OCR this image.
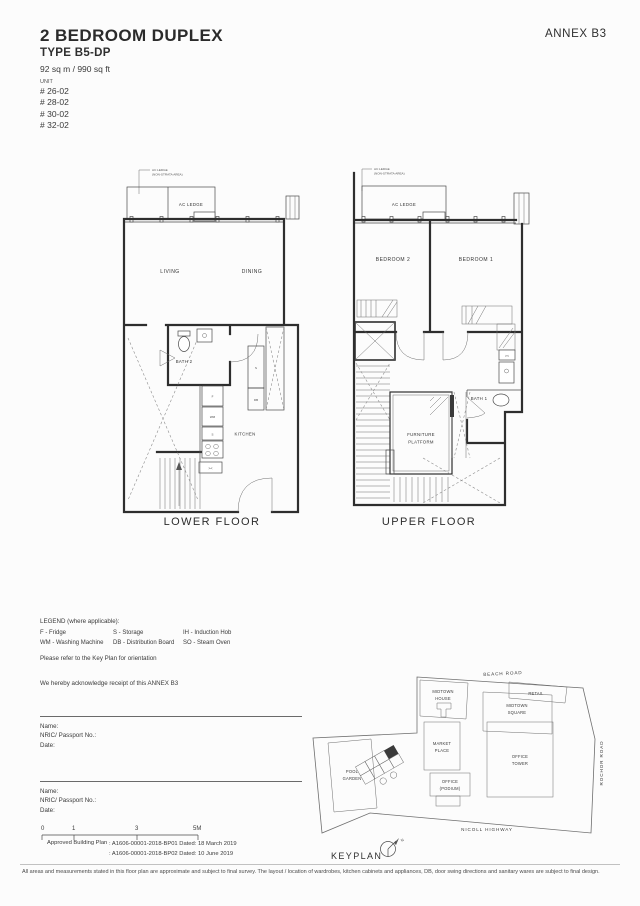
2 BEDROOM DUPLEX
TYPE B5-DP
92 sq m / 990 sq ft
UNIT
# 26-02
# 28-02
# 30-02
# 32-02
ANNEX B3
AC LEDGE
(NON-STRATA AREA)
AC LEDGE
BATH 2
F
WM
S
><
KITCHEN
S
DB
LIVING	DINING
LOWER FLOOR
AC LEDGE
(NON-STRATA AREA)
AC LEDGE
><
BATH 1
FURNITURE
PLATFORM
BEDROOM 2	BEDROOM 1
UPPER FLOOR
LEGEND (where applicable):
F - Fridge	S - Storage	IH - Induction Hob
WM - Washing Machine	DB - Distribution Board	SO - Steam Oven
Please refer to the Key Plan for orientation
We hereby acknowledge receipt of this ANNEX B3
Name:
NRIC/ Passport No.:
Date:
Name:
NRIC/ Passport No.:
Date:
0	1	3	5M
Approved Building Plan : A1606-00001-2018-BP01 Dated: 18 March 2019
: A1606-00001-2018-BP02 Dated: 10 June 2019
MIDTOWN
HOUSE
RETAIL
MIDTOWN
SQUARE
MARKET
PLACE
OFFICE
TOWER
OFFICE
(PODIUM)
POOL
GARDEN
BEACH ROAD
ROCHOR ROAD
NICOLL HIGHWAY
N
KEYPLAN
All areas and measurements stated in this floor plan are approximate and subject to final survey. The layout / location of wardrobes, kitchen cabinets and appliances, DB, door swing directions and sanitary wares are subject to final design.
